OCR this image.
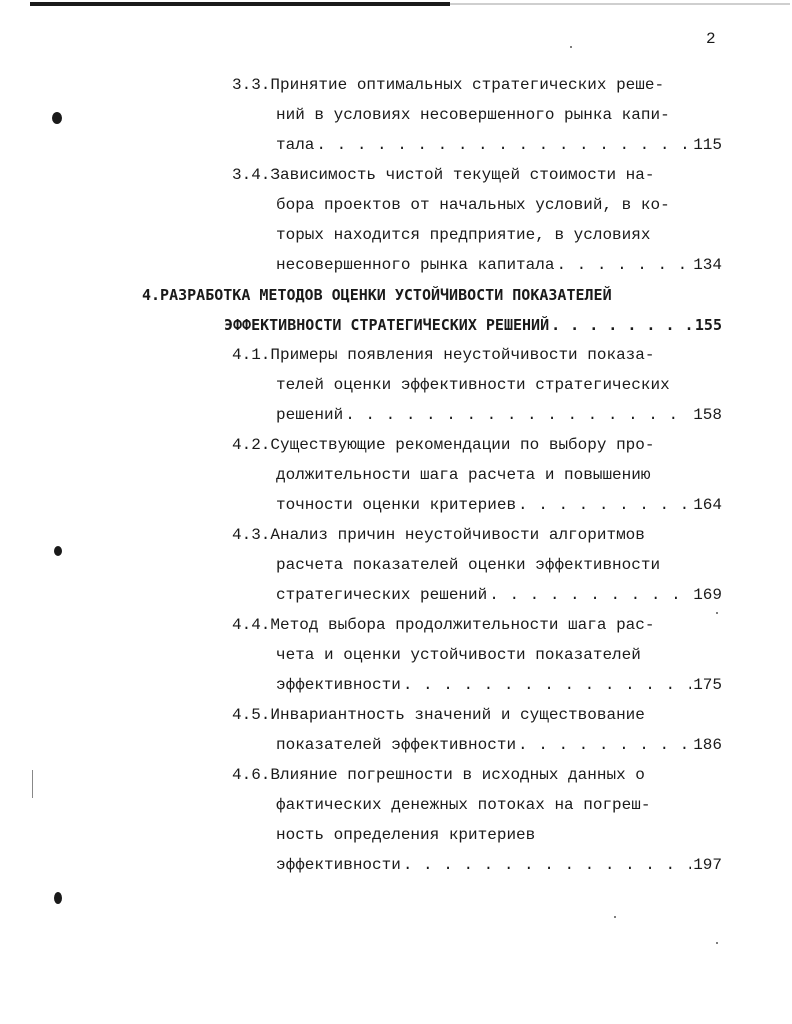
2
3.3.Принятие оптимальных стратегических реше-
ний в условиях несовершенного рынка капи-
тала . . .	115
3.4.Зависимость чистой текущей стоимости на-
бора проектов от начальных условий, в ко-
торых находится предприятие, в условиях
несовершенного рынка капитала . . .	134
4.РАЗРАБОТКА МЕТОДОВ ОЦЕНКИ УСТОЙЧИВОСТИ ПОКАЗАТЕЛЕЙ
ЭФФЕКТИВНОСТИ СТРАТЕГИЧЕСКИХ РЕШЕНИЙ . . .	155
4.1.Примеры появления неустойчивости показа-
телей оценки эффективности стратегических
решений . . .	158
4.2.Существующие рекомендации по выбору про-
должительности шага расчета и повышению
точности оценки критериев . . .	164
4.3.Анализ причин неустойчивости алгоритмов
расчета показателей оценки эффективности
стратегических решений . . .	169
4.4.Метод выбора продолжительности шага рас-
чета и оценки устойчивости показателей
эффективности . . .	175
4.5.Инвариантность значений и существование
показателей эффективности . . .	186
4.6.Влияние погрешности в исходных данных о
фактических денежных потоках на погреш-
ность определения критериев
эффективности . . .	197
